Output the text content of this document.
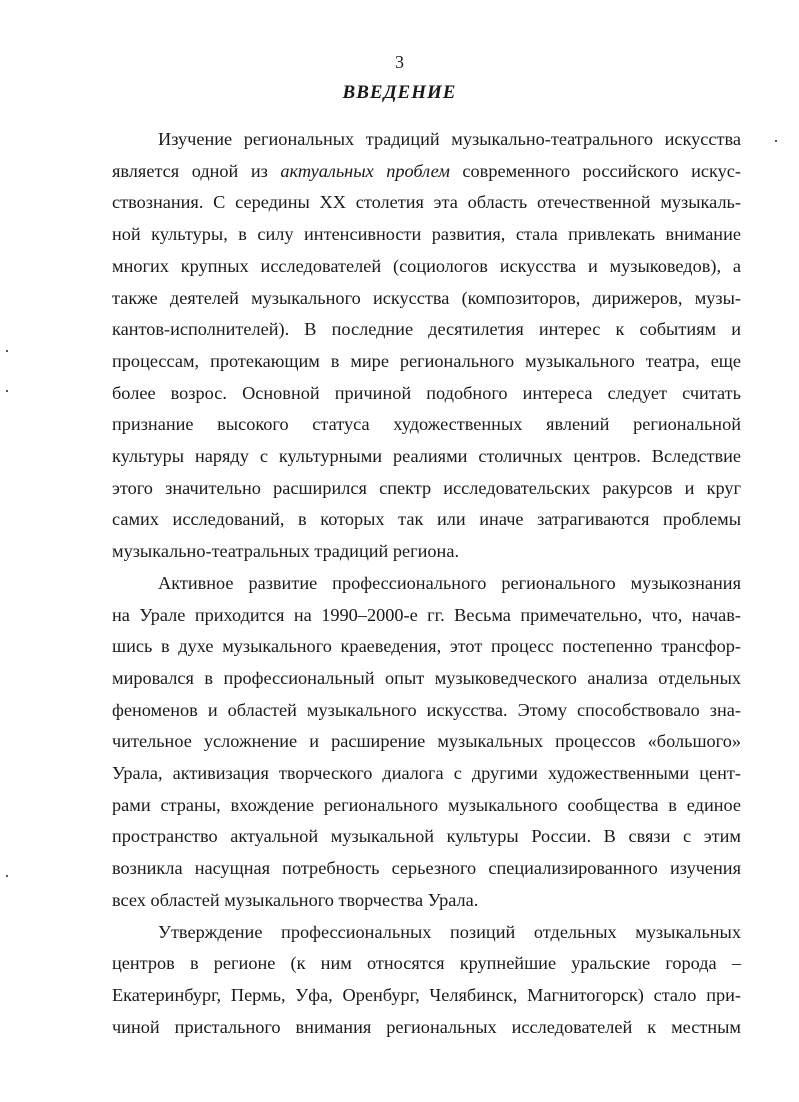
3
ВВЕДЕНИЕ
Изучение региональных традиций музыкально-театрального искусства
является одной из актуальных проблем современного российского искус-
ствознания. С середины XX столетия эта область отечественной музыкаль-
ной культуры, в силу интенсивности развития, стала привлекать внимание
многих крупных исследователей (социологов искусства и музыковедов), а
также деятелей музыкального искусства (композиторов, дирижеров, музы-
кантов-исполнителей). В последние десятилетия интерес к событиям и
процессам, протекающим в мире регионального музыкального театра, еще
более возрос. Основной причиной подобного интереса следует считать
признание высокого статуса художественных явлений региональной
культуры наряду с культурными реалиями столичных центров. Вследствие
этого значительно расширился спектр исследовательских ракурсов и круг
самих исследований, в которых так или иначе затрагиваются проблемы
музыкально-театральных традиций региона.
Активное развитие профессионального регионального музыкознания
на Урале приходится на 1990–2000-е гг. Весьма примечательно, что, начав-
шись в духе музыкального краеведения, этот процесс постепенно трансфор-
мировался в профессиональный опыт музыковедческого анализа отдельных
феноменов и областей музыкального искусства. Этому способствовало зна-
чительное усложнение и расширение музыкальных процессов «большого»
Урала, активизация творческого диалога с другими художественными цент-
рами страны, вхождение регионального музыкального сообщества в единое
пространство актуальной музыкальной культуры России. В связи с этим
возникла насущная потребность серьезного специализированного изучения
всех областей музыкального творчества Урала.
Утверждение профессиональных позиций отдельных музыкальных
центров в регионе (к ним относятся крупнейшие уральские города –
Екатеринбург, Пермь, Уфа, Оренбург, Челябинск, Магнитогорск) стало при-
чиной пристального внимания региональных исследователей к местным
